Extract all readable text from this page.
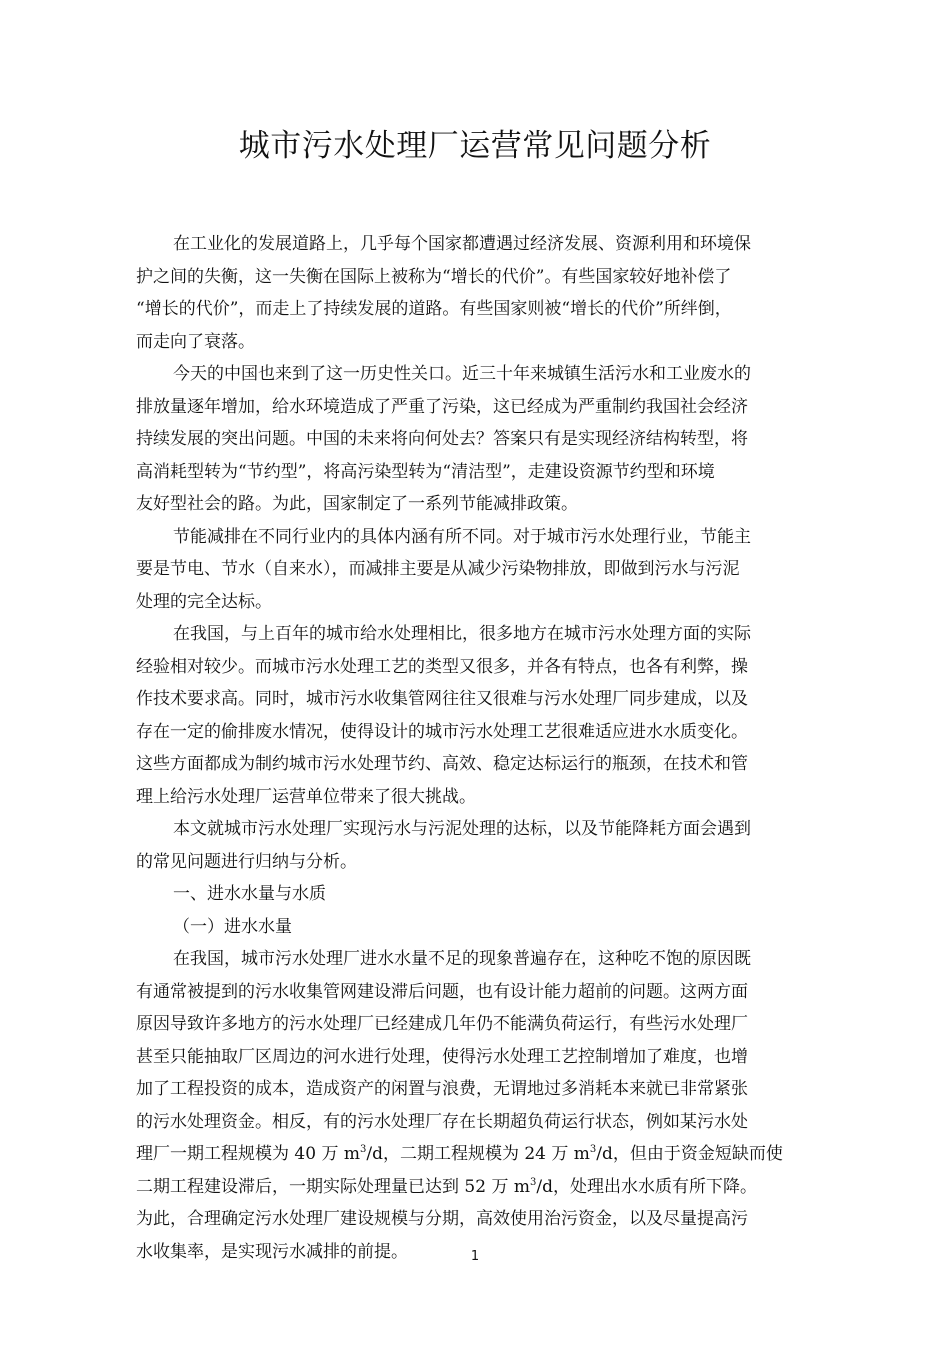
城市污水处理厂运营常见问题分析
在工业化的发展道路上，几乎每个国家都遭遇过经济发展、资源利用和环境保
护之间的失衡，这一失衡在国际上被称为“增长的代价”。有些国家较好地补偿了
“增长的代价”，而走上了持续发展的道路。有些国家则被“增长的代价”所绊倒，
而走向了衰落。
今天的中国也来到了这一历史性关口。近三十年来城镇生活污水和工业废水的
排放量逐年增加，给水环境造成了严重了污染，这已经成为严重制约我国社会经济
持续发展的突出问题。中国的未来将向何处去？答案只有是实现经济结构转型，将
高消耗型转为“节约型”，将高污染型转为“清洁型”，走建设资源节约型和环境
友好型社会的路。为此，国家制定了一系列节能减排政策。
节能减排在不同行业内的具体内涵有所不同。对于城市污水处理行业，节能主
要是节电、节水（自来水），而减排主要是从减少污染物排放，即做到污水与污泥
处理的完全达标。
在我国，与上百年的城市给水处理相比，很多地方在城市污水处理方面的实际
经验相对较少。而城市污水处理工艺的类型又很多，并各有特点，也各有利弊，操
作技术要求高。同时，城市污水收集管网往往又很难与污水处理厂同步建成，以及
存在一定的偷排废水情况，使得设计的城市污水处理工艺很难适应进水水质变化。
这些方面都成为制约城市污水处理节约、高效、稳定达标运行的瓶颈，在技术和管
理上给污水处理厂运营单位带来了很大挑战。
本文就城市污水处理厂实现污水与污泥处理的达标，以及节能降耗方面会遇到
的常见问题进行归纳与分析。
一、进水水量与水质
（一）进水水量
在我国，城市污水处理厂进水水量不足的现象普遍存在，这种吃不饱的原因既
有通常被提到的污水收集管网建设滞后问题，也有设计能力超前的问题。这两方面
原因导致许多地方的污水处理厂已经建成几年仍不能满负荷运行，有些污水处理厂
甚至只能抽取厂区周边的河水进行处理，使得污水处理工艺控制增加了难度，也增
加了工程投资的成本，造成资产的闲置与浪费，无谓地过多消耗本来就已非常紧张
的污水处理资金。相反，有的污水处理厂存在长期超负荷运行状态，例如某污水处
理厂一期工程规模为 40 万 $m^3/d$，二期工程规模为 24 万 $m^3/d$，但由于资金短缺而使
二期工程建设滞后，一期实际处理量已达到 52 万 $m^3/d$，处理出水水质有所下降。
为此，合理确定污水处理厂建设规模与分期，高效使用治污资金，以及尽量提高污
水收集率，是实现污水减排的前提。	1
